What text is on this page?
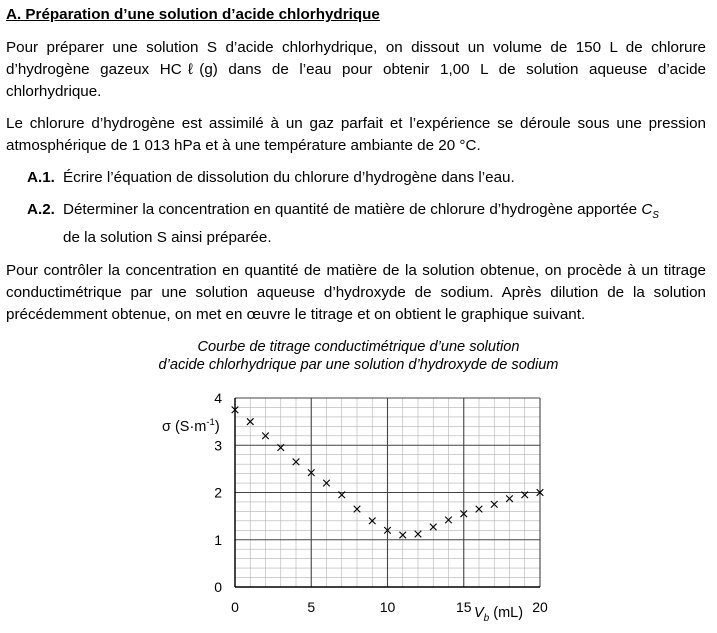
A. Préparation d’une solution d’acide chlorhydrique

Pour préparer une solution S d’acide chlorhydrique, on dissout un volume de 150 L de chlorure d’hydrogène gazeux HCℓ(g) dans de l’eau pour obtenir 1,00 L de solution aqueuse d’acide chlorhydrique.

Le chlorure d’hydrogène est assimilé à un gaz parfait et l’expérience se déroule sous une pression atmosphérique de 1 013 hPa et à une température ambiante de 20 °C.

A.1. Écrire l’équation de dissolution du chlorure d’hydrogène dans l’eau.
A.2. Déterminer la concentration en quantité de matière de chlorure d’hydrogène apportée $C_S$
de la solution S ainsi préparée.

Pour contrôler la concentration en quantité de matière de la solution obtenue, on procède à un titrage conductimétrique par une solution aqueuse d’hydroxyde de sodium. Après dilution de la solution précédemment obtenue, on met en œuvre le titrage et on obtient le graphique suivant.

Courbe de titrage conductimétrique d’une solution
d’acide chlorhydrique par une solution d’hydroxyde de sodium
0
1
2
3
4
0	5	10	15	20
σ $(S\cdot m^{-1})$
$V_b$ (mL)
